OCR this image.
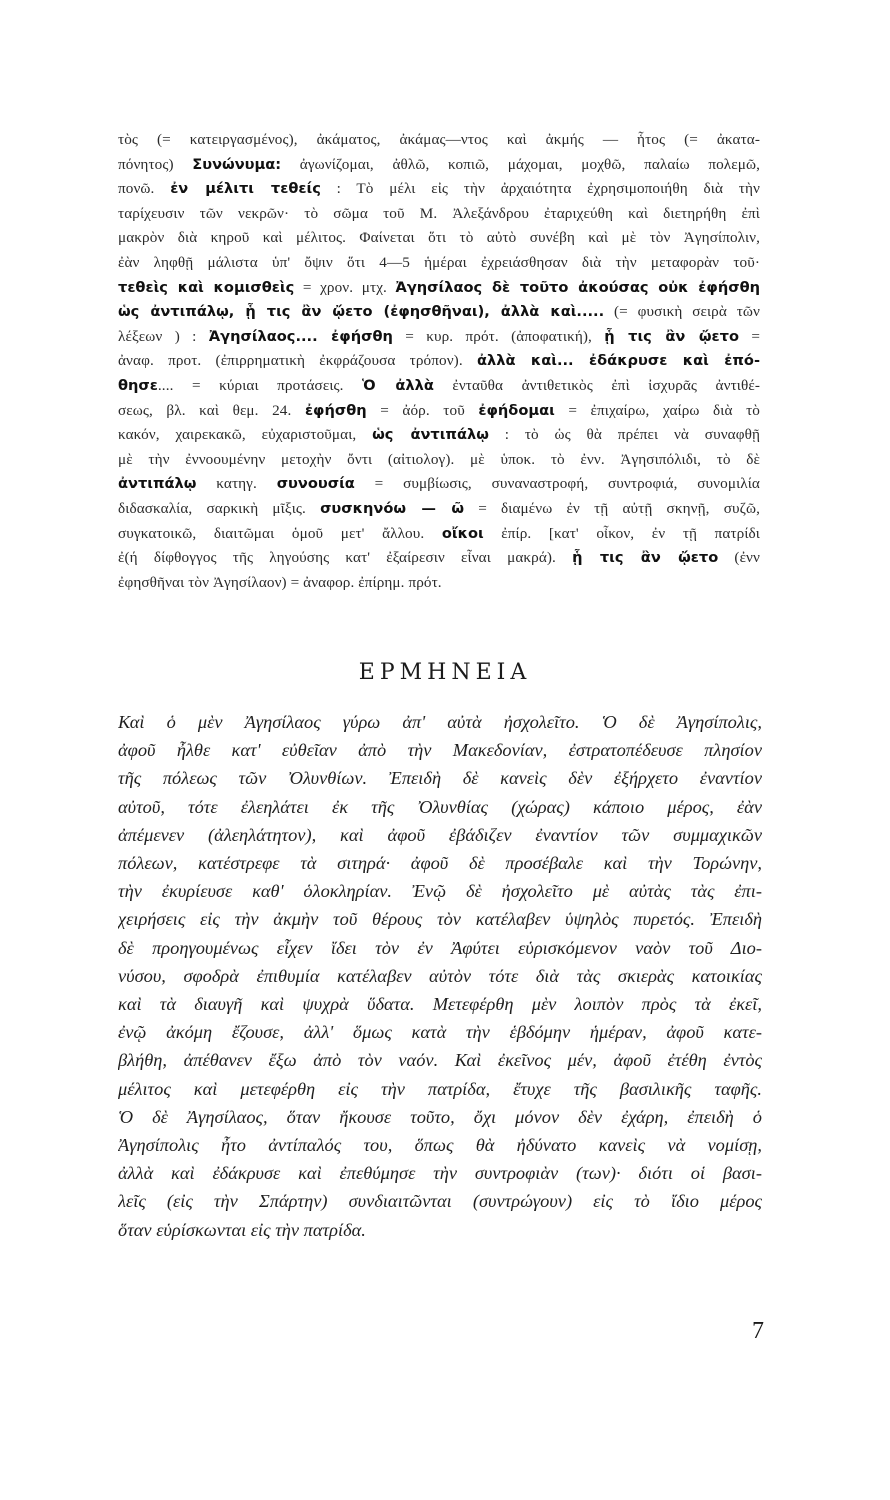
τὸς (= κατειργασμένος), ἀκάματος, ἀκάμας—ντος καὶ ἀκμής — ἧτος (= ἀκατα-
πόνητος) Συνώνυμα: ἀγωνίζομαι, ἀθλῶ, κοπιῶ, μάχομαι, μοχθῶ, παλαίω πολεμῶ,
πονῶ. ἐν μέλιτι τεθείς : Τὸ μέλι εἰς τὴν ἀρχαιότητα ἐχρησιμοποιήθη διὰ τὴν
ταρίχευσιν τῶν νεκρῶν· τὸ σῶμα τοῦ Μ. Ἀλεξάνδρου ἐταριχεύθη καὶ διετηρήθη ἐπὶ
μακρὸν διὰ κηροῦ καὶ μέλιτος. Φαίνεται ὅτι τὸ αὐτὸ συνέβη καὶ μὲ τὸν Ἀγησίπολιν,
ἐὰν ληφθῇ μάλιστα ὑπ' ὄψιν ὅτι 4—5 ἡμέραι ἐχρειάσθησαν διὰ τὴν μεταφορὰν τοῦ·
τεθεὶς καὶ κομισθεὶς = χρον. μτχ. Ἀγησίλαος δὲ τοῦτο ἀκούσας οὐκ ἐφήσθη
ὡς ἀντιπάλῳ, ᾗ τις ἂν ᾤετο (ἐφησθῆναι), ἀλλὰ καὶ..... (= φυσικὴ σειρὰ τῶν
λέξεων ) : Ἀγησίλαος.... ἐφήσθη = κυρ. πρότ. (ἀποφατική), ᾗ τις ἂν ᾤετο =
ἀναφ. προτ. (ἐπιρρηματικὴ ἐκφράζουσα τρόπον). ἀλλὰ καὶ... ἐδάκρυσε καὶ ἐπό-
θησε.... = κύριαι προτάσεις. Ὁ ἀλλὰ ἐνταῦθα ἀντιθετικὸς ἐπὶ ἰσχυρᾶς ἀντιθέ-
σεως, βλ. καὶ θεμ. 24. ἐφήσθη = ἀόρ. τοῦ ἐφήδομαι = ἐπιχαίρω, χαίρω διὰ τὸ
κακόν, χαιρεκακῶ, εὐχαριστοῦμαι, ὡς ἀντιπάλῳ : τὸ ὡς θὰ πρέπει νὰ συναφθῇ
μὲ τὴν ἐννοουμένην μετοχὴν ὄντι (αἰτιολογ). μὲ ὑποκ. τὸ ἐνν. Ἀγησιπόλιδι, τὸ δὲ
ἀντιπάλῳ κατηγ. συνουσία = συμβίωσις, συναναστροφή, συντροφιά, συνομιλία
διδασκαλία, σαρκικὴ μῖξις. συσκηνόω — ῶ = διαμένω ἐν τῇ αὐτῇ σκηνῇ, συζῶ,
συγκατοικῶ, διαιτῶμαι ὁμοῦ μετ' ἄλλου. οἴκοι ἐπίρ. [κατ' οἶκον, ἐν τῇ πατρίδι
ἐ(ή δίφθογγος τῆς ληγούσης κατ' ἐξαίρεσιν εἶναι μακρά). ᾗ τις ἂν ᾤετο (ἐνν
ἐφησθῆναι τὸν Ἀγησίλαον) = ἀναφορ. ἐπίρημ. πρότ.
ΕΡΜΗΝΕΙΑ
Καὶ ὁ μὲν Ἀγησίλαος γύρω ἀπ' αὐτὰ ἠσχολεῖτο. Ὁ δὲ Ἀγησίπολις,
ἀφοῦ ἦλθε κατ' εὐθεῖαν ἀπὸ τὴν Μακεδονίαν, ἐστρατοπέδευσε πλησίον
τῆς πόλεως τῶν Ὀλυνθίων. Ἐπειδὴ δὲ κανεὶς δὲν ἐξήρχετο ἐναντίον
αὐτοῦ, τότε ἐλεηλάτει ἐκ τῆς Ὀλυνθίας (χώρας) κάποιο μέρος, ἐὰν
ἀπέμενεν (ἀλεηλάτητον), καὶ ἀφοῦ ἐβάδιζεν ἐναντίον τῶν συμμαχικῶν
πόλεων, κατέστρεφε τὰ σιτηρά· ἀφοῦ δὲ προσέβαλε καὶ τὴν Τορώνην,
τὴν ἐκυρίευσε καθ' ὁλοκληρίαν. Ἐνῷ δὲ ἠσχολεῖτο μὲ αὐτὰς τὰς ἐπι-
χειρήσεις εἰς τὴν ἀκμὴν τοῦ θέρους τὸν κατέλαβεν ὑψηλὸς πυρετός. Ἐπειδὴ
δὲ προηγουμένως εἶχεν ἴδει τὸν ἐν Ἀφύτει εὑρισκόμενον ναὸν τοῦ Διο-
νύσου, σφοδρὰ ἐπιθυμία κατέλαβεν αὐτὸν τότε διὰ τὰς σκιερὰς κατοικίας
καὶ τὰ διαυγῆ καὶ ψυχρὰ ὕδατα. Μετεφέρθη μὲν λοιπὸν πρὸς τὰ ἐκεῖ,
ἐνῷ ἀκόμη ἔζουσε, ἀλλ' ὅμως κατὰ τὴν ἑβδόμην ἡμέραν, ἀφοῦ κατε-
βλήθη, ἀπέθανεν ἔξω ἀπὸ τὸν ναόν. Καὶ ἐκεῖνος μέν, ἀφοῦ ἐτέθη ἐντὸς
μέλιτος καὶ μετεφέρθη εἰς τὴν πατρίδα, ἔτυχε τῆς βασιλικῆς ταφῆς.
Ὁ δὲ Ἀγησίλαος, ὅταν ἤκουσε τοῦτο, ὄχι μόνον δὲν ἐχάρη, ἐπειδὴ ὁ
Ἀγησίπολις ἦτο ἀντίπαλός του, ὅπως θὰ ἠδύνατο κανεὶς νὰ νομίσῃ,
ἀλλὰ καὶ ἐδάκρυσε καὶ ἐπεθύμησε τὴν συντροφιὰν (των)· διότι οἱ βασι-
λεῖς (εἰς τὴν Σπάρτην) συνδιαιτῶνται (συντρώγουν) εἰς τὸ ἴδιο μέρος
ὅταν εὑρίσκωνται εἰς τὴν πατρίδα.
7
